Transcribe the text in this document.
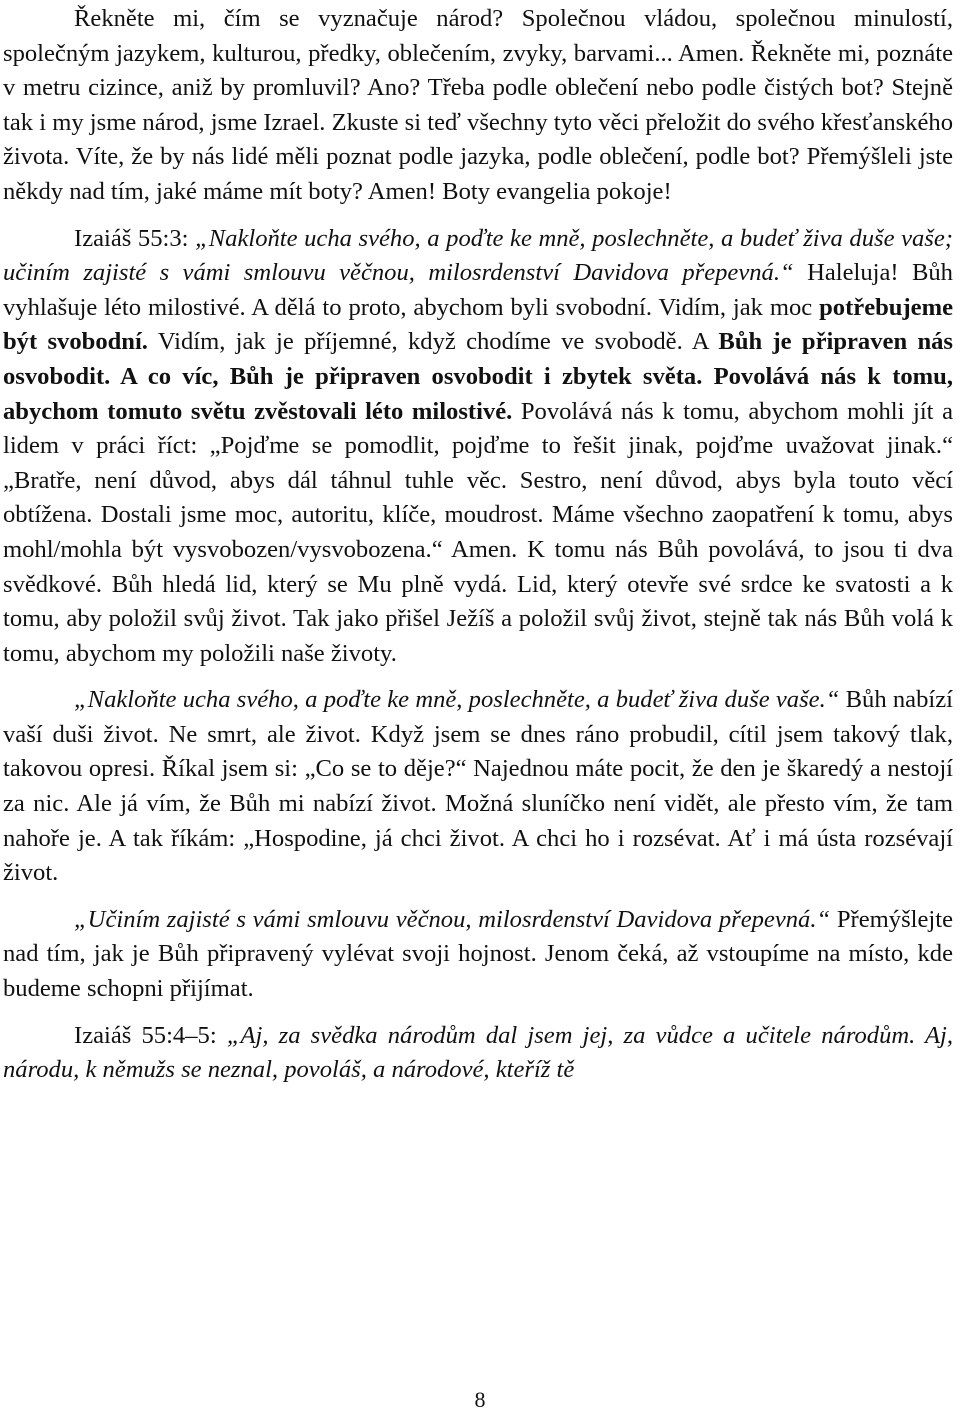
Řekněte mi, čím se vyznačuje národ? Společnou vládou, společnou minulostí, společným jazykem, kulturou, předky, oblečením, zvyky, barvami... Amen. Řekněte mi, poznáte v metru cizince, aniž by promluvil? Ano? Třeba podle oblečení nebo podle čistých bot? Stejně tak i my jsme národ, jsme Izrael. Zkuste si teď všechny tyto věci přeložit do svého křesťanského života. Víte, že by nás lidé měli poznat podle jazyka, podle oblečení, podle bot? Přemýšleli jste někdy nad tím, jaké máme mít boty? Amen! Boty evangelia pokoje!

Izaiáš 55:3: „Nakloňte ucha svého, a poďte ke mně, poslechněte, a budeť živa duše vaše; učiním zajisté s vámi smlouvu věčnou, milosrdenství Davidova přepevná.“ Haleluja! Bůh vyhlašuje léto milostivé. A dělá to proto, abychom byli svobodní. Vidím, jak moc potřebujeme být svobodní. Vidím, jak je příjemné, když chodíme ve svobodě. A Bůh je připraven nás osvobodit. A co víc, Bůh je připraven osvobodit i zbytek světa. Povolává nás k tomu, abychom tomuto světu zvěstovali léto milostivé. Povolává nás k tomu, abychom mohli jít a lidem v práci říct: „Pojďme se pomodlit, pojďme to řešit jinak, pojďme uvažovat jinak.“ „Bratře, není důvod, abys dál táhnul tuhle věc. Sestro, není důvod, abys byla touto věcí obtížena. Dostali jsme moc, autoritu, klíče, moudrost. Máme všechno zaopatření k tomu, abys mohl/mohla být vysvobozen/vysvobozena.“ Amen. K tomu nás Bůh povolává, to jsou ti dva svědkové. Bůh hledá lid, který se Mu plně vydá. Lid, který otevře své srdce ke svatosti a k tomu, aby položil svůj život. Tak jako přišel Ježíš a položil svůj život, stejně tak nás Bůh volá k tomu, abychom my položili naše životy.

„Nakloňte ucha svého, a poďte ke mně, poslechněte, a budeť živa duše vaše.“ Bůh nabízí vaší duši život. Ne smrt, ale život. Když jsem se dnes ráno probudil, cítil jsem takový tlak, takovou opresi. Říkal jsem si: „Co se to děje?“ Najednou máte pocit, že den je škaredý a nestojí za nic. Ale já vím, že Bůh mi nabízí život. Možná sluníčko není vidět, ale přesto vím, že tam nahoře je. A tak říkám: „Hospodine, já chci život. A chci ho i rozsévat. Ať i má ústa rozsévají život.

„Učiním zajisté s vámi smlouvu věčnou, milosrdenství Davidova přepevná.“ Přemýšlejte nad tím, jak je Bůh připravený vylévat svoji hojnost. Jenom čeká, až vstoupíme na místo, kde budeme schopni přijímat.

Izaiáš 55:4–5: „Aj, za svědka národům dal jsem jej, za vůdce a učitele národům. Aj, národu, k němužs se neznal, povoláš, a národové, kteříž tě

8
